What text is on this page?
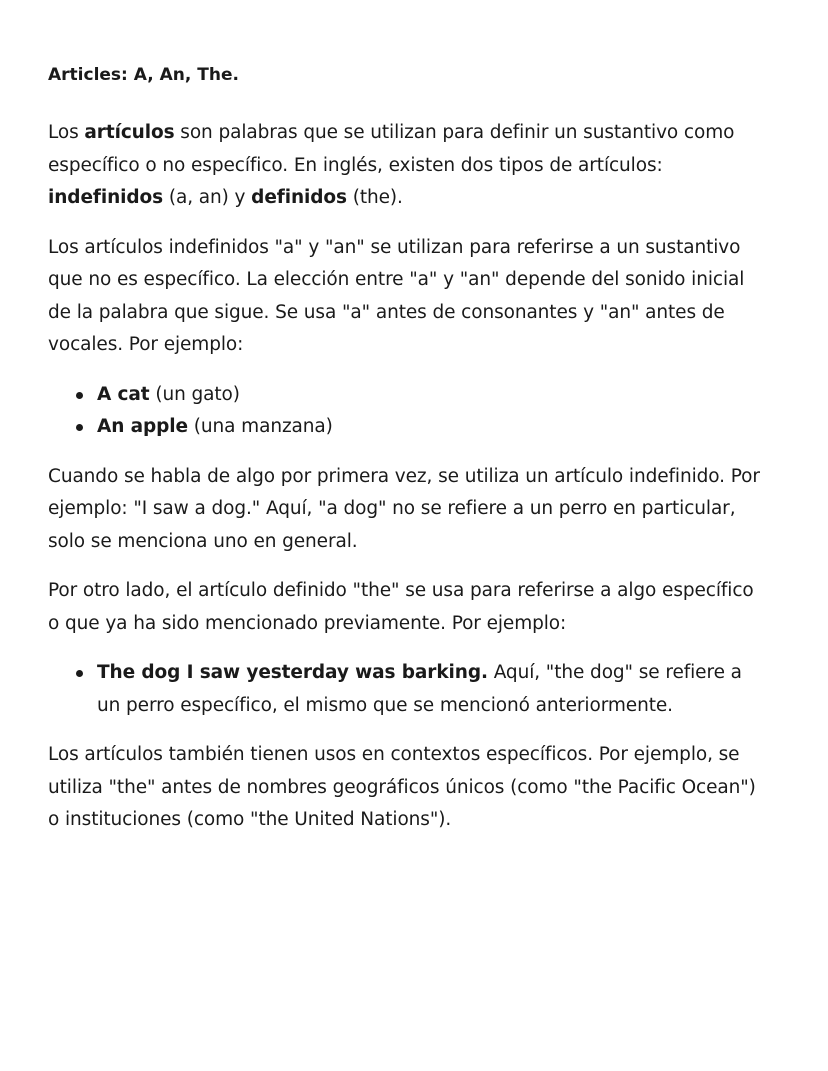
Articles: A, An, The.

Los artículos son palabras que se utilizan para definir un sustantivo como específico o no específico. En inglés, existen dos tipos de artículos: indefinidos (a, an) y definidos (the).

Los artículos indefinidos "a" y "an" se utilizan para referirse a un sustantivo que no es específico. La elección entre "a" y "an" depende del sonido inicial de la palabra que sigue. Se usa "a" antes de consonantes y "an" antes de vocales. Por ejemplo:

A cat (un gato)
An apple (una manzana)

Cuando se habla de algo por primera vez, se utiliza un artículo indefinido. Por ejemplo: "I saw a dog." Aquí, "a dog" no se refiere a un perro en particular, solo se menciona uno en general.

Por otro lado, el artículo definido "the" se usa para referirse a algo específico o que ya ha sido mencionado previamente. Por ejemplo:

The dog I saw yesterday was barking. Aquí, "the dog" se refiere a un perro específico, el mismo que se mencionó anteriormente.

Los artículos también tienen usos en contextos específicos. Por ejemplo, se utiliza "the" antes de nombres geográficos únicos (como "the Pacific Ocean") o instituciones (como "the United Nations").
